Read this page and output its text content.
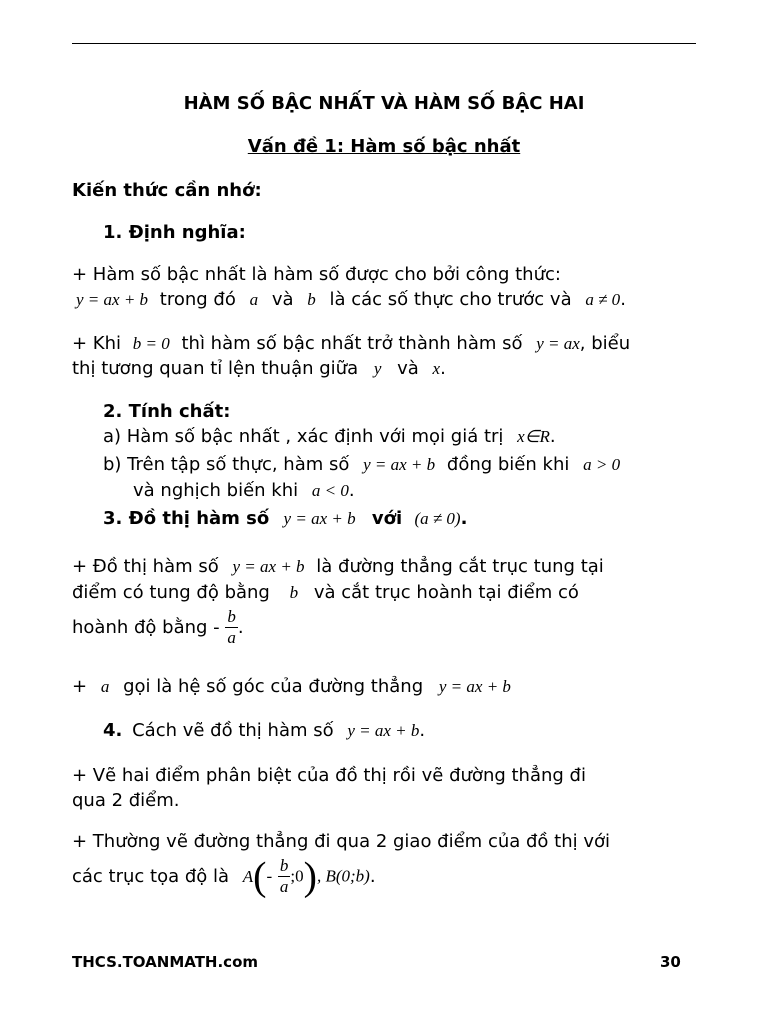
HÀM SỐ BẬC NHẤT VÀ HÀM SỐ BẬC HAI
Vấn đề 1: Hàm số bậc nhất
Kiến thức cần nhớ:
1. Định nghĩa:
+ Hàm số bậc nhất là hàm số được cho bởi công thức:
y = ax + b trong đó a và b là các số thực cho trước và a ≠ 0.
+ Khi b = 0 thì hàm số bậc nhất trở thành hàm số y = ax, biểu
thị tương quan tỉ lện thuận giữa y và x.
2. Tính chất:
a) Hàm số bậc nhất , xác định với mọi giá trị x∈R.
b) Trên tập số thực, hàm số y = ax + b đồng biến khi a > 0
và nghịch biến khi a < 0.
3. Đồ thị hàm số y = ax + b với (a ≠ 0).
+ Đồ thị hàm số y = ax + b là đường thẳng cắt trục tung tại
điểm có tung độ bằng b và cắt trục hoành tại điểm có
hoành độ bằng - $\frac{b}{a}$ .
+ a gọi là hệ số góc của đường thẳng y = ax + b
4. Cách vẽ đồ thị hàm số y = ax + b.
+ Vẽ hai điểm phân biệt của đồ thị rồi vẽ đường thẳng đi
qua 2 điểm.
+ Thường vẽ đường thẳng đi qua 2 giao điểm của đồ thị với
các trục tọa độ là $A(- \frac{b}{a}$ ;0), B(0;b).
THCS.TOANMATH.com	30
